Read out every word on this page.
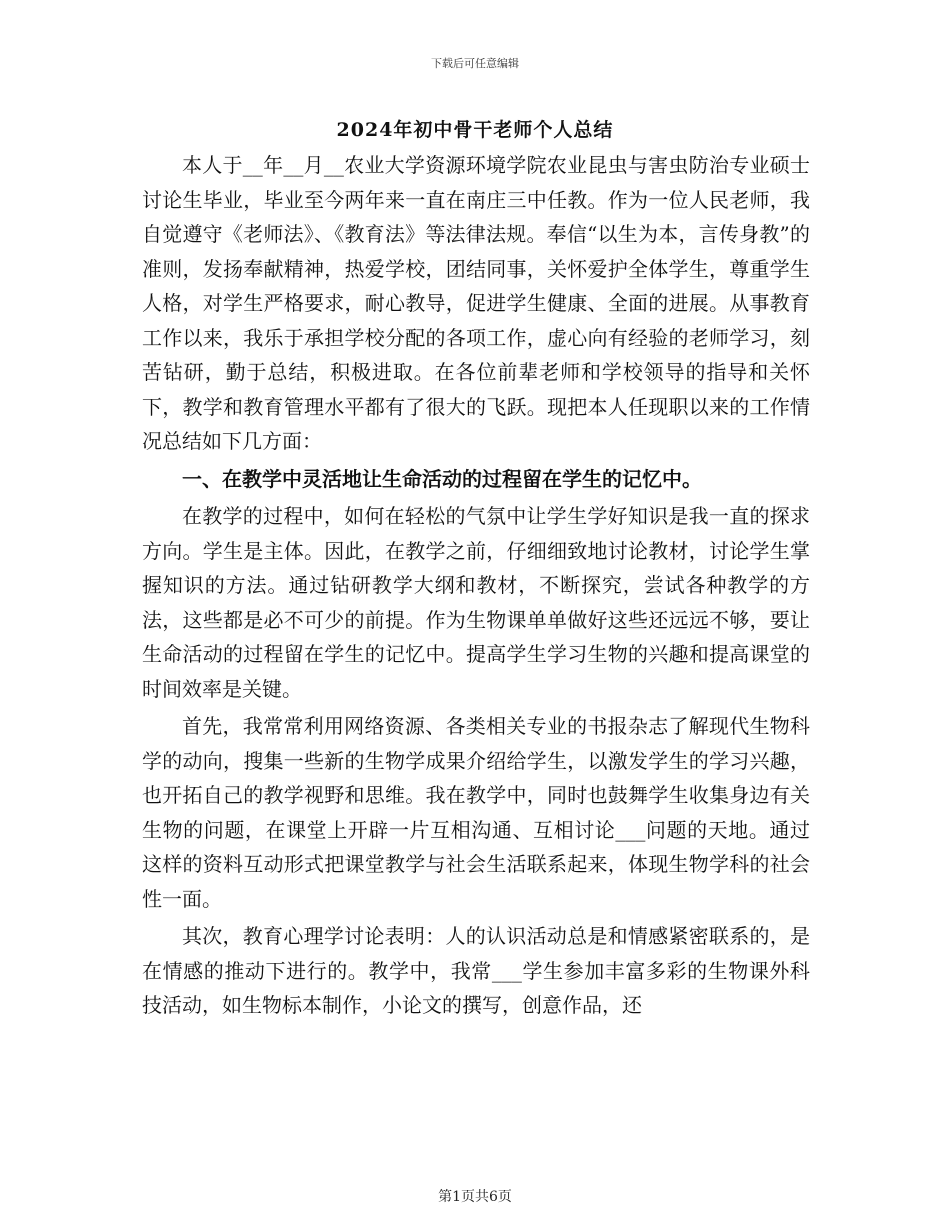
下载后可任意编辑
2024年初中骨干老师个人总结

本人于__年__月__农业大学资源环境学院农业昆虫与害虫防治专业硕士讨论生毕业，毕业至今两年来一直在南庄三中任教。作为一位人民老师，我自觉遵守《老师法》、《教育法》等法律法规。奉信“以生为本，言传身教”的准则，发扬奉献精神，热爱学校，团结同事，关怀爱护全体学生，尊重学生人格，对学生严格要求，耐心教导，促进学生健康、全面的进展。从事教育工作以来，我乐于承担学校分配的各项工作，虚心向有经验的老师学习，刻苦钻研，勤于总结，积极进取。在各位前辈老师和学校领导的指导和关怀下，教学和教育管理水平都有了很大的飞跃。现把本人任现职以来的工作情况总结如下几方面：

一、在教学中灵活地让生命活动的过程留在学生的记忆中。

在教学的过程中，如何在轻松的气氛中让学生学好知识是我一直的探求方向。学生是主体。因此，在教学之前，仔细细致地讨论教材，讨论学生掌握知识的方法。通过钻研教学大纲和教材，不断探究，尝试各种教学的方法，这些都是必不可少的前提。作为生物课单单做好这些还远远不够，要让生命活动的过程留在学生的记忆中。提高学生学习生物的兴趣和提高课堂的时间效率是关键。

首先，我常常利用网络资源、各类相关专业的书报杂志了解现代生物科学的动向，搜集一些新的生物学成果介绍给学生，以激发学生的学习兴趣，也开拓自己的教学视野和思维。我在教学中，同时也鼓舞学生收集身边有关生物的问题，在课堂上开辟一片互相沟通、互相讨论___问题的天地。通过这样的资料互动形式把课堂教学与社会生活联系起来，体现生物学科的社会性一面。

其次，教育心理学讨论表明：人的认识活动总是和情感紧密联系的，是在情感的推动下进行的。教学中，我常___学生参加丰富多彩的生物课外科技活动，如生物标本制作，小论文的撰写，创意作品，还

第1页共6页
